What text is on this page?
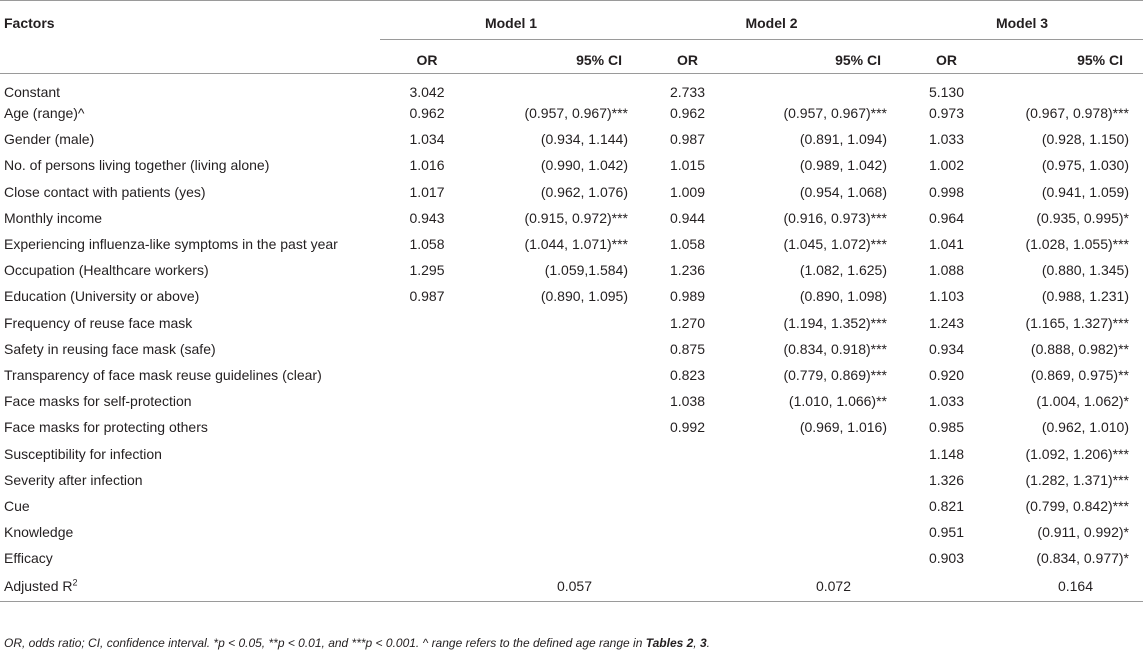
Factors	Model 1		Model 2		Model 3	
	OR	95% CI	OR	95% CI	OR	95% CI
Constant	3.042		2.733		5.130	
Age (range)^	0.962	(0.957, 0.967)***	0.962	(0.957, 0.967)***	0.973	(0.967, 0.978)***
Gender (male)	1.034	(0.934, 1.144)	0.987	(0.891, 1.094)	1.033	(0.928, 1.150)
No. of persons living together (living alone)	1.016	(0.990, 1.042)	1.015	(0.989, 1.042)	1.002	(0.975, 1.030)
Close contact with patients (yes)	1.017	(0.962, 1.076)	1.009	(0.954, 1.068)	0.998	(0.941, 1.059)
Monthly income	0.943	(0.915, 0.972)***	0.944	(0.916, 0.973)***	0.964	(0.935, 0.995)*
Experiencing influenza-like symptoms in the past year	1.058	(1.044, 1.071)***	1.058	(1.045, 1.072)***	1.041	(1.028, 1.055)***
Occupation (Healthcare workers)	1.295	(1.059,1.584)	1.236	(1.082, 1.625)	1.088	(0.880, 1.345)
Education (University or above)	0.987	(0.890, 1.095)	0.989	(0.890, 1.098)	1.103	(0.988, 1.231)
Frequency of reuse face mask			1.270	(1.194, 1.352)***	1.243	(1.165, 1.327)***
Safety in reusing face mask (safe)			0.875	(0.834, 0.918)***	0.934	(0.888, 0.982)**
Transparency of face mask reuse guidelines (clear)			0.823	(0.779, 0.869)***	0.920	(0.869, 0.975)**
Face masks for self-protection			1.038	(1.010, 1.066)**	1.033	(1.004, 1.062)*
Face masks for protecting others			0.992	(0.969, 1.016)	0.985	(0.962, 1.010)
Susceptibility for infection					1.148	(1.092, 1.206)***
Severity after infection					1.326	(1.282, 1.371)***
Cue					0.821	(0.799, 0.842)***
Knowledge					0.951	(0.911, 0.992)*
Efficacy					0.903	(0.834, 0.977)*
Adjusted $R^2$	0.057		0.072		0.164	
OR, odds ratio; CI, confidence interval. *p < 0.05, **p < 0.01, and ***p < 0.001. ^ range refers to the defined age range in Tables 2, 3.
